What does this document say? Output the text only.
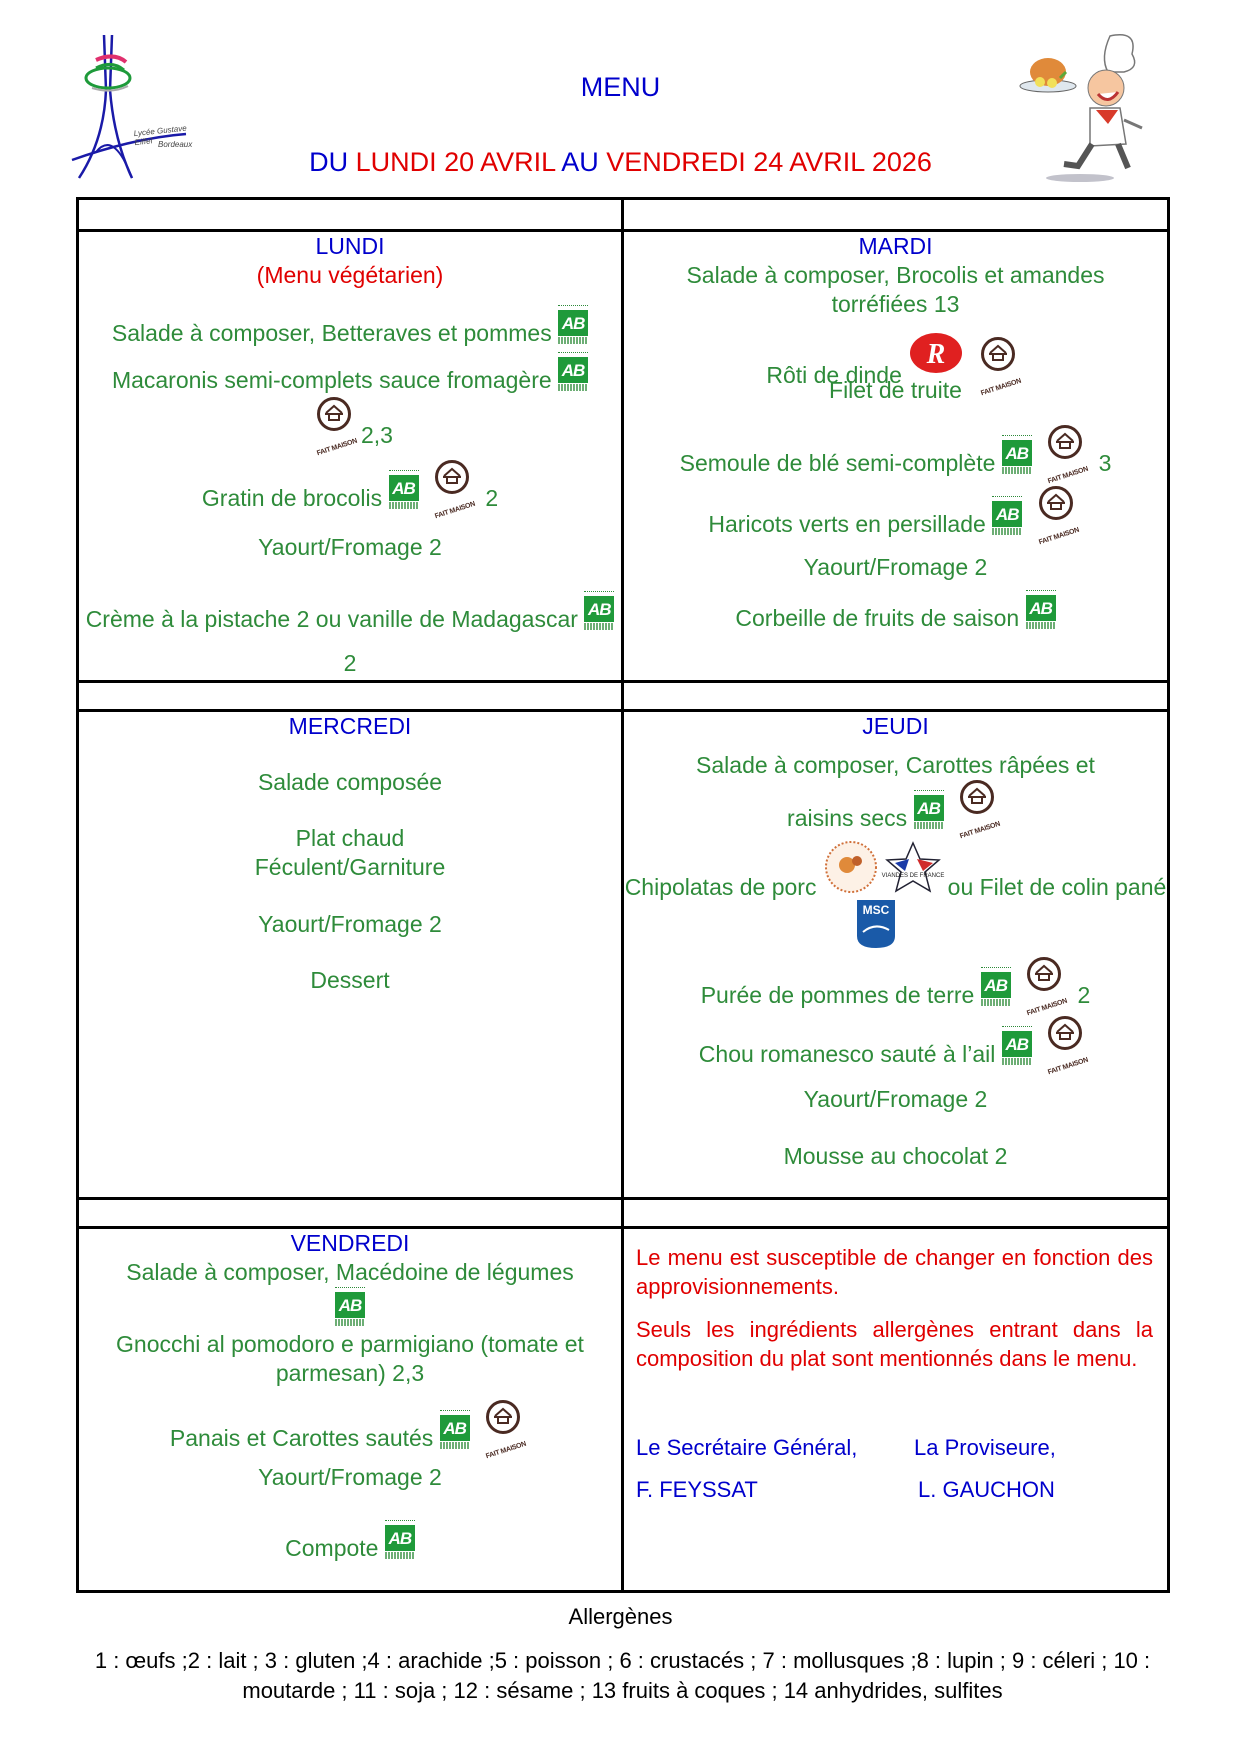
Lycée Gustave Eiffel Bordeaux
MENU
DU LUNDI 20 AVRIL AU VENDREDI 24 AVRIL 2026
LUNDI
(Menu végétarien)
Salade à composer, Betteraves et pommes AB
Macaronis semi-complets sauce fromagère AB
FAIT MAISON 2,3
Gratin de brocolis AB

FAIT MAISON 2
Yaourt/Fromage 2
Crème à la pistache 2 ou vanille de Madagascar AB
2
MARDI
Salade à composer, Brocolis et amandes torréfiées 13
Rôti de dinde
R

FAIT MAISON
Filet de truite
Semoule de blé semi-complète AB

FAIT MAISON 3
Haricots verts en persillade AB

FAIT MAISON
Yaourt/Fromage 2
Corbeille de fruits de saison AB
MERCREDI
Salade composée
Plat chaud
Féculent/Garniture
Yaourt/Fromage 2
Dessert
JEUDI
Salade à composer, Carottes râpées et raisins secs AB

FAIT MAISON
Chipolatas de porc	VIANDES DE FRANCE ou Filet de colin pané
MSC
Purée de pommes de terre AB

FAIT MAISON 2
Chou romanesco sauté à l’ail AB

FAIT MAISON
Yaourt/Fromage 2
Mousse au chocolat 2
VENDREDI
Salade à composer, Macédoine de légumes
AB
Gnocchi al pomodoro e parmigiano (tomate et parmesan) 2,3
Panais et Carottes sautés AB

FAIT MAISON
Yaourt/Fromage 2
Compote AB

Le menu est susceptible de changer en fonction des approvisionnements.

Seuls les ingrédients allergènes entrant dans la composition du plat sont mentionnés dans le menu.

Le Secrétaire Général,	La Proviseure,
F. FEYSSAT	L. GAUCHON
Allergènes
1 : œufs ;2 : lait ; 3 : gluten ;4 : arachide ;5 : poisson ; 6 : crustacés ; 7 : mollusques ;8 : lupin ; 9 : céleri ; 10 : moutarde ; 11 : soja ; 12 : sésame ; 13 fruits à coques ; 14 anhydrides, sulfites
